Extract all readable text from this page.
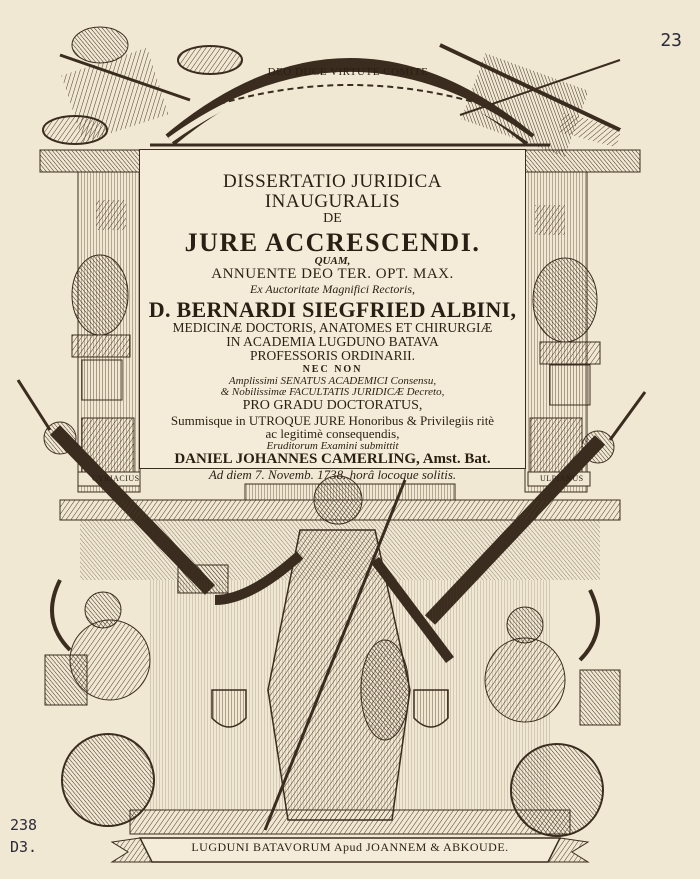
DEO DUCE VIRTUTE COMITE
DISSERTATIO JURIDICA
INAUGURALIS
DE
JURE ACCRESCENDI.
QUAM,
ANNUENTE DEO TER. OPT. MAX.
Ex Auctoritate Magnifici Rectoris,
D. BERNARDI SIEGFRIED ALBINI,
MEDICINÆ DOCTORIS, ANATOMES ET CHIRURGIÆ
IN ACADEMIA LUGDUNO BATAVA
PROFESSORIS ORDINARII.
NEC NON
Amplissimi SENATUS ACADEMICI Consensu,
& Nobilissimæ FACULTATIS JURIDICÆ Decreto,
PRO GRADU DOCTORATUS,
Summisque in UTROQUE JURE Honoribus & Privilegiis ritè
ac legitimè consequendis,
Eruditorum Examini submittit
DANIEL JOHANNES CAMERLING, Amst. Bat.
Ad diem 7. Novemb. 1738. horâ locoque solitis.
CYRIACIUS	ULPIANUS
LUGDUNI BATAVORUM Apud JOANNEM & ABKOUDE.
23
238
D3.
